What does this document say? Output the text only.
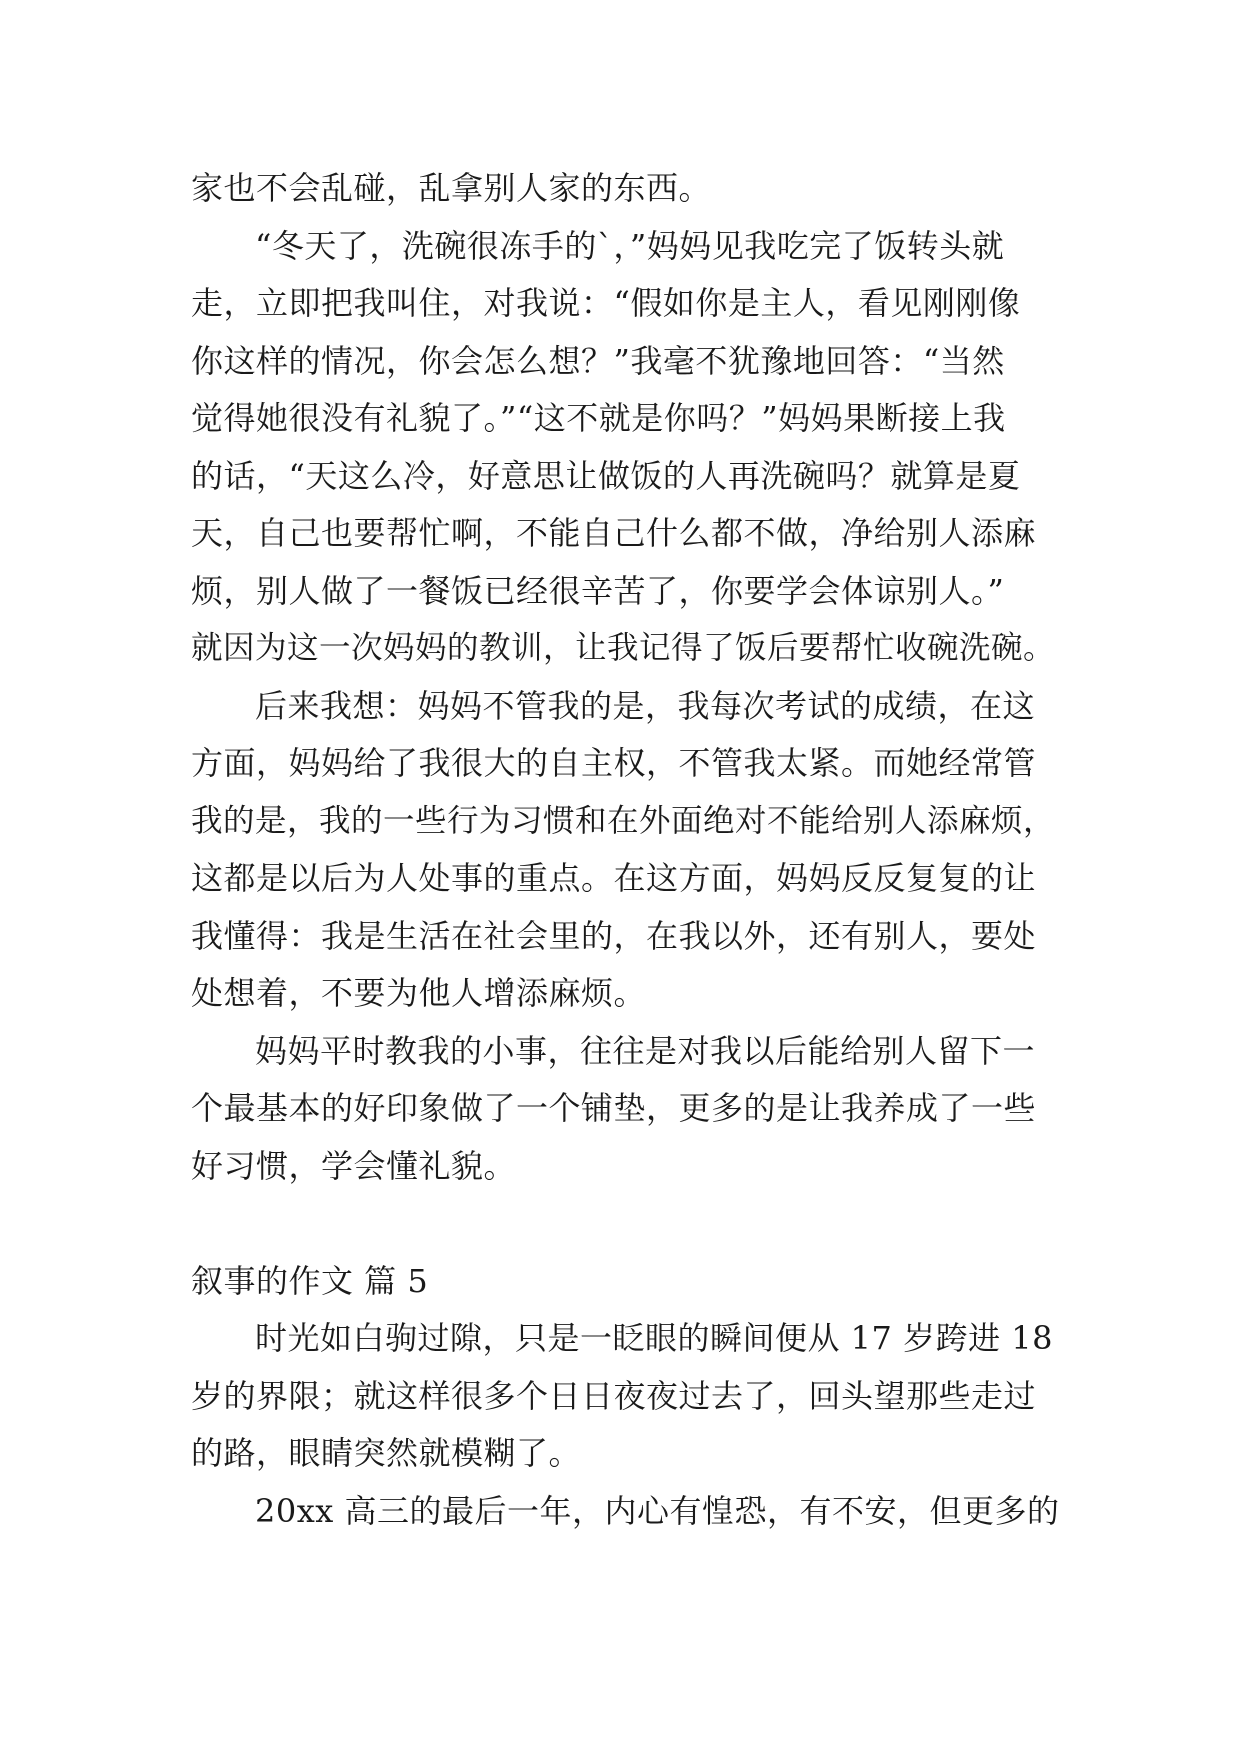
家也不会乱碰，乱拿别人家的东西。
“冬天了，洗碗很冻手的`，”妈妈见我吃完了饭转头就
走，立即把我叫住，对我说：“假如你是主人，看见刚刚像
你这样的情况，你会怎么想？”我毫不犹豫地回答：“当然
觉得她很没有礼貌了。”“这不就是你吗？”妈妈果断接上我
的话，“天这么冷，好意思让做饭的人再洗碗吗？就算是夏
天，自己也要帮忙啊，不能自己什么都不做，净给别人添麻
烦，别人做了一餐饭已经很辛苦了，你要学会体谅别人。”
就因为这一次妈妈的教训，让我记得了饭后要帮忙收碗洗碗。
后来我想：妈妈不管我的是，我每次考试的成绩，在这
方面，妈妈给了我很大的自主权，不管我太紧。而她经常管
我的是，我的一些行为习惯和在外面绝对不能给别人添麻烦，
这都是以后为人处事的重点。在这方面，妈妈反反复复的让
我懂得：我是生活在社会里的，在我以外，还有别人，要处
处想着，不要为他人增添麻烦。
妈妈平时教我的小事，往往是对我以后能给别人留下一
个最基本的好印象做了一个铺垫，更多的是让我养成了一些
好习惯，学会懂礼貌。
叙事的作文 篇 5
时光如白驹过隙，只是一眨眼的瞬间便从 17 岁跨进 18
岁的界限；就这样很多个日日夜夜过去了，回头望那些走过
的路，眼睛突然就模糊了。
20xx 高三的最后一年，内心有惶恐，有不安，但更多的
